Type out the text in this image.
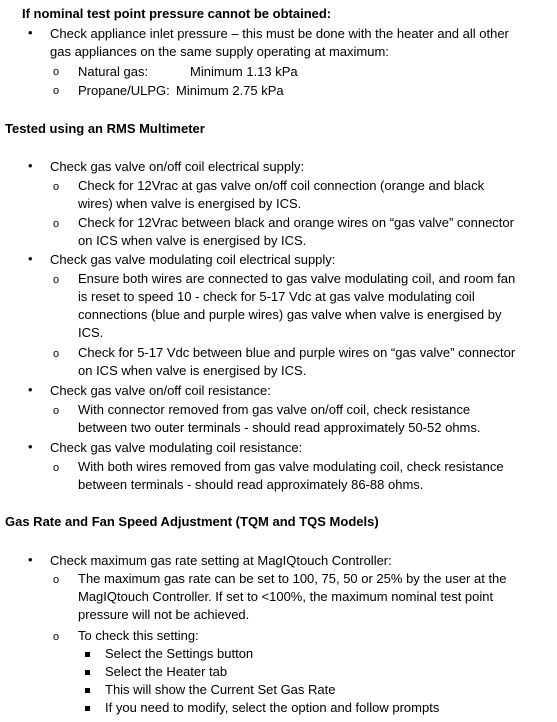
If nominal test point pressure cannot be obtained:
• Check appliance inlet pressure – this must be done with the heater and all other
gas appliances on the same supply operating at maximum:
o Natural gas:	Minimum 1.13 kPa
o Propane/ULPG: Minimum 2.75 kPa
Tested using an RMS Multimeter
• Check gas valve on/off coil electrical supply:
o Check for 12Vrac at gas valve on/off coil connection (orange and black
wires) when valve is energised by ICS.
o Check for 12Vrac between black and orange wires on “gas valve” connector
on ICS when valve is energised by ICS.
• Check gas valve modulating coil electrical supply:
o Ensure both wires are connected to gas valve modulating coil, and room fan
is reset to speed 10 - check for 5-17 Vdc at gas valve modulating coil
connections (blue and purple wires) gas valve when valve is energised by
ICS.
o Check for 5-17 Vdc between blue and purple wires on “gas valve” connector
on ICS when valve is energised by ICS.
• Check gas valve on/off coil resistance:
o With connector removed from gas valve on/off coil, check resistance
between two outer terminals - should read approximately 50-52 ohms.
• Check gas valve modulating coil resistance:
o With both wires removed from gas valve modulating coil, check resistance
between terminals - should read approximately 86-88 ohms.
Gas Rate and Fan Speed Adjustment (TQM and TQS Models)
• Check maximum gas rate setting at MagIQtouch Controller:
o The maximum gas rate can be set to 100, 75, 50 or 25% by the user at the
MagIQtouch Controller. If set to <100%, the maximum nominal test point
pressure will not be achieved.
o To check this setting:
Select the Settings button
Select the Heater tab
This will show the Current Set Gas Rate
If you need to modify, select the option and follow prompts
